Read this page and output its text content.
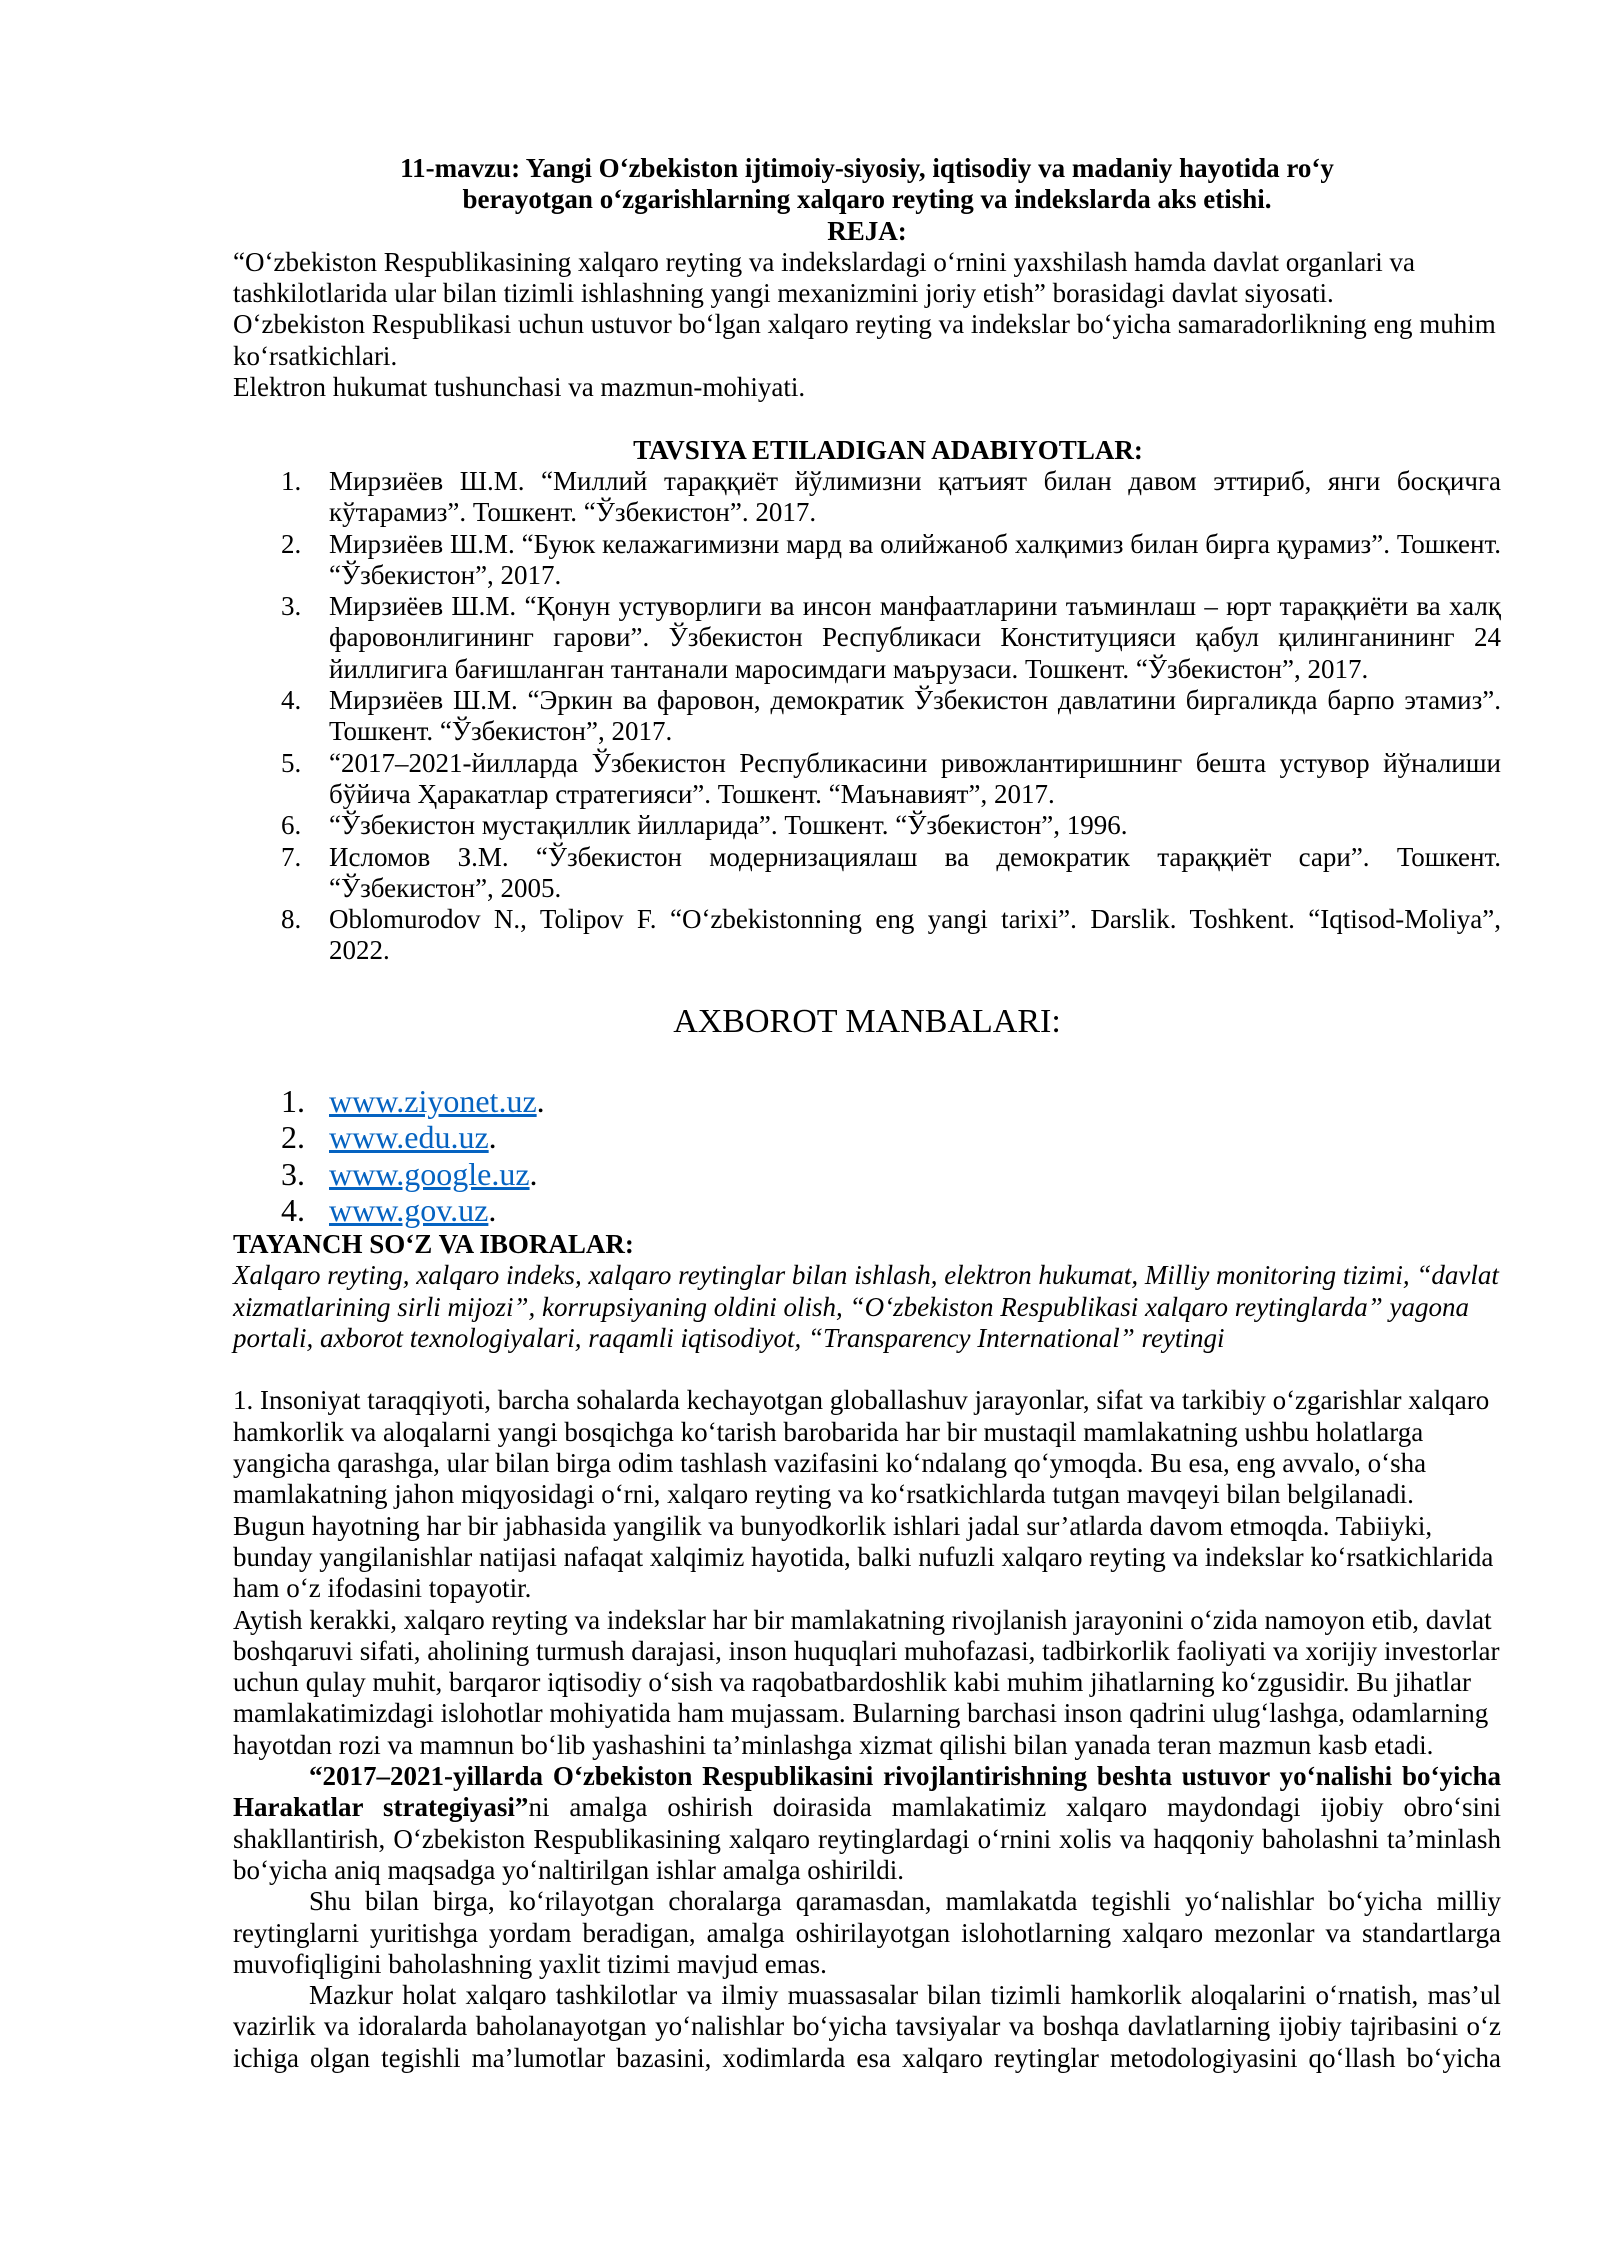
11-mavzu: Yangi O‘zbekiston ijtimoiy-siyosiy, iqtisodiy va madaniy hayotida ro‘y
berayotgan o‘zgarishlarning xalqaro reyting va indekslarda aks etishi.
REJA:
“O‘zbekiston Respublikasining xalqaro reyting va indekslardagi o‘rnini yaxshilash hamda davlat organlari va tashkilotlarida ular bilan tizimli ishlashning yangi mexanizmini joriy etish” borasidagi davlat siyosati.
O‘zbekiston Respublikasi uchun ustuvor bo‘lgan xalqaro reyting va indekslar bo‘yicha samaradorlikning eng muhim ko‘rsatkichlari.
Elektron hukumat tushunchasi va mazmun-mohiyati.
TAVSIYA ETILADIGAN ADABIYOTLAR:
1. Мирзиёев Ш.М. “Миллий тараққиёт йўлимизни қатъият билан давом эттириб, янги босқичга кўтарамиз”. Тошкент. “Ўзбекистон”. 2017.
2. Мирзиёев Ш.М. “Буюк келажагимизни мард ва олийжаноб халқимиз билан бирга қурамиз”. Тошкент. “Ўзбекистон”, 2017.
3. Мирзиёев Ш.М. “Қонун устуворлиги ва инсон манфаатларини таъминлаш – юрт тараққиёти ва халқ фаровонлигининг гарови”. Ўзбекистон Республикаси Конституцияси қабул қилинганининг 24 йиллигига бағишланган тантанали маросимдаги маърузаси. Тошкент. “Ўзбекистон”, 2017.
4. Мирзиёев Ш.М. “Эркин ва фаровон, демократик Ўзбекистон давлатини биргаликда барпо этамиз”. Тошкент. “Ўзбекистон”, 2017.
5. “2017–2021-йилларда Ўзбекистон Республикасини ривожлантиришнинг бешта устувор йўналиши бўйича Ҳаракатлар стратегияси”. Тошкент. “Маънавият”, 2017.
6. “Ўзбекистон мустақиллик йилларида”. Тошкент. “Ўзбекистон”, 1996.
7. Исломов З.М. “Ўзбекистон модернизациялаш ва демократик тараққиёт сари”. Тошкент. “Ўзбекистон”, 2005.
8. Oblomurodov N., Tolipov F. “O‘zbekistonning eng yangi tarixi”. Darslik. Toshkent. “Iqtisod-Moliya”, 2022.
AXBOROT MANBALARI:
1. www.ziyonet.uz.
2. www.edu.uz.
3. www.google.uz.
4. www.gov.uz.
TAYANCH SO‘Z VA IBORALAR:
Xalqaro reyting, xalqaro indeks, xalqaro reytinglar bilan ishlash, elektron hukumat, Milliy monitoring tizimi, “davlat xizmatlarining sirli mijozi”, korrupsiyaning oldini olish, “O‘zbekiston Respublikasi xalqaro reytinglarda” yagona portali, axborot texnologiyalari, raqamli iqtisodiyot, “Transparency International” reytingi

1. Insoniyat taraqqiyoti, barcha sohalarda kechayotgan globallashuv jarayonlar, sifat va tarkibiy o‘zgarishlar xalqaro hamkorlik va aloqalarni yangi bosqichga ko‘tarish barobarida har bir mustaqil mamlakatning ushbu holatlarga yangicha qarashga, ular bilan birga odim tashlash vazifasini ko‘ndalang qo‘ymoqda. Bu esa, eng avvalo, o‘sha mamlakatning jahon miqyosidagi o‘rni, xalqaro reyting va ko‘rsatkichlarda tutgan mavqeyi bilan belgilanadi.

Bugun hayotning har bir jabhasida yangilik va bunyodkorlik ishlari jadal sur’atlarda davom etmoqda. Tabiiyki, bunday yangilanishlar natijasi nafaqat xalqimiz hayotida, balki nufuzli xalqaro reyting va indekslar ko‘rsatkichlarida ham o‘z ifodasini topayotir.

Aytish kerakki, xalqaro reyting va indekslar har bir mamlakatning rivojlanish jarayonini o‘zida namoyon etib, davlat boshqaruvi sifati, aholining turmush darajasi, inson huquqlari muhofazasi, tadbirkorlik faoliyati va xorijiy investorlar uchun qulay muhit, barqaror iqtisodiy o‘sish va raqobatbardoshlik kabi muhim jihatlarning ko‘zgusidir. Bu jihatlar mamlakatimizdagi islohotlar mohiyatida ham mujassam. Bularning barchasi inson qadrini ulug‘lashga, odamlarning hayotdan rozi va mamnun bo‘lib yashashini ta’minlashga xizmat qilishi bilan yanada teran mazmun kasb etadi.

“2017–2021-yillarda O‘zbekiston Respublikasini rivojlantirishning beshta ustuvor yo‘nalishi bo‘yicha Harakatlar strategiyasi”ni amalga oshirish doirasida mamlakatimiz xalqaro maydondagi ijobiy obro‘sini shakllantirish, O‘zbekiston Respublikasining xalqaro reytinglardagi o‘rnini xolis va haqqoniy baholashni ta’minlash bo‘yicha aniq maqsadga yo‘naltirilgan ishlar amalga oshirildi.

Shu bilan birga, ko‘rilayotgan choralarga qaramasdan, mamlakatda tegishli yo‘nalishlar bo‘yicha milliy reytinglarni yuritishga yordam beradigan, amalga oshirilayotgan islohotlarning xalqaro mezonlar va standartlarga muvofiqligini baholashning yaxlit tizimi mavjud emas.

Mazkur holat xalqaro tashkilotlar va ilmiy muassasalar bilan tizimli hamkorlik aloqalarini o‘rnatish, mas’ul vazirlik va idoralarda baholanayotgan yo‘nalishlar bo‘yicha tavsiyalar va boshqa davlatlarning ijobiy tajribasini o‘z ichiga olgan tegishli ma’lumotlar bazasini, xodimlarda esa xalqaro reytinglar metodologiyasini qo‘llash bo‘yicha
